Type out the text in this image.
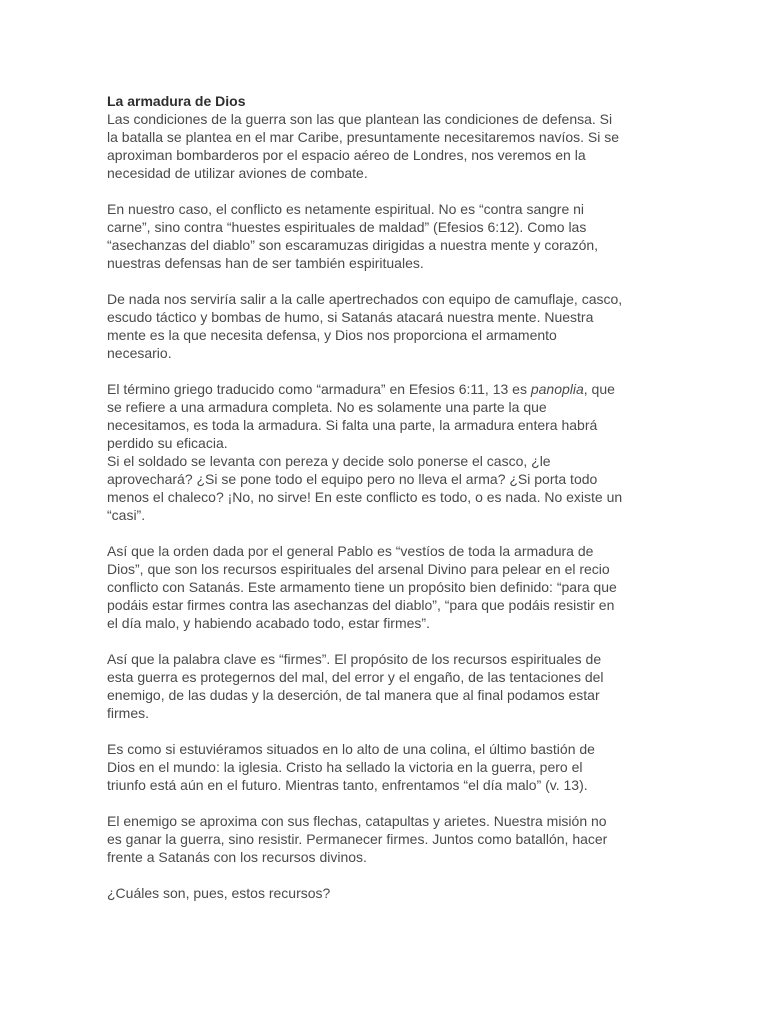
La armadura de Dios
Las condiciones de la guerra son las que plantean las condiciones de defensa. Si
la batalla se plantea en el mar Caribe, presuntamente necesitaremos navíos. Si se
aproximan bombarderos por el espacio aéreo de Londres, nos veremos en la
necesidad de utilizar aviones de combate.
En nuestro caso, el conflicto es netamente espiritual. No es “contra sangre ni
carne”, sino contra “huestes espirituales de maldad” (Efesios 6:12). Como las
“asechanzas del diablo” son escaramuzas dirigidas a nuestra mente y corazón,
nuestras defensas han de ser también espirituales.
De nada nos serviría salir a la calle apertrechados con equipo de camuflaje, casco,
escudo táctico y bombas de humo, si Satanás atacará nuestra mente. Nuestra
mente es la que necesita defensa, y Dios nos proporciona el armamento
necesario.
El término griego traducido como “armadura” en Efesios 6:11, 13 es panoplia, que
se refiere a una armadura completa. No es solamente una parte la que
necesitamos, es toda la armadura. Si falta una parte, la armadura entera habrá
perdido su eficacia.
Si el soldado se levanta con pereza y decide solo ponerse el casco, ¿le
aprovechará? ¿Si se pone todo el equipo pero no lleva el arma? ¿Si porta todo
menos el chaleco? ¡No, no sirve! En este conflicto es todo, o es nada. No existe un
“casi”.
Así que la orden dada por el general Pablo es “vestíos de toda la armadura de
Dios”, que son los recursos espirituales del arsenal Divino para pelear en el recio
conflicto con Satanás. Este armamento tiene un propósito bien definido: “para que
podáis estar firmes contra las asechanzas del diablo”, “para que podáis resistir en
el día malo, y habiendo acabado todo, estar firmes”.
Así que la palabra clave es “firmes”. El propósito de los recursos espirituales de
esta guerra es protegernos del mal, del error y el engaño, de las tentaciones del
enemigo, de las dudas y la deserción, de tal manera que al final podamos estar
firmes.
Es como si estuviéramos situados en lo alto de una colina, el último bastión de
Dios en el mundo: la iglesia. Cristo ha sellado la victoria en la guerra, pero el
triunfo está aún en el futuro. Mientras tanto, enfrentamos “el día malo” (v. 13).
El enemigo se aproxima con sus flechas, catapultas y arietes. Nuestra misión no
es ganar la guerra, sino resistir. Permanecer firmes. Juntos como batallón, hacer
frente a Satanás con los recursos divinos.
¿Cuáles son, pues, estos recursos?
